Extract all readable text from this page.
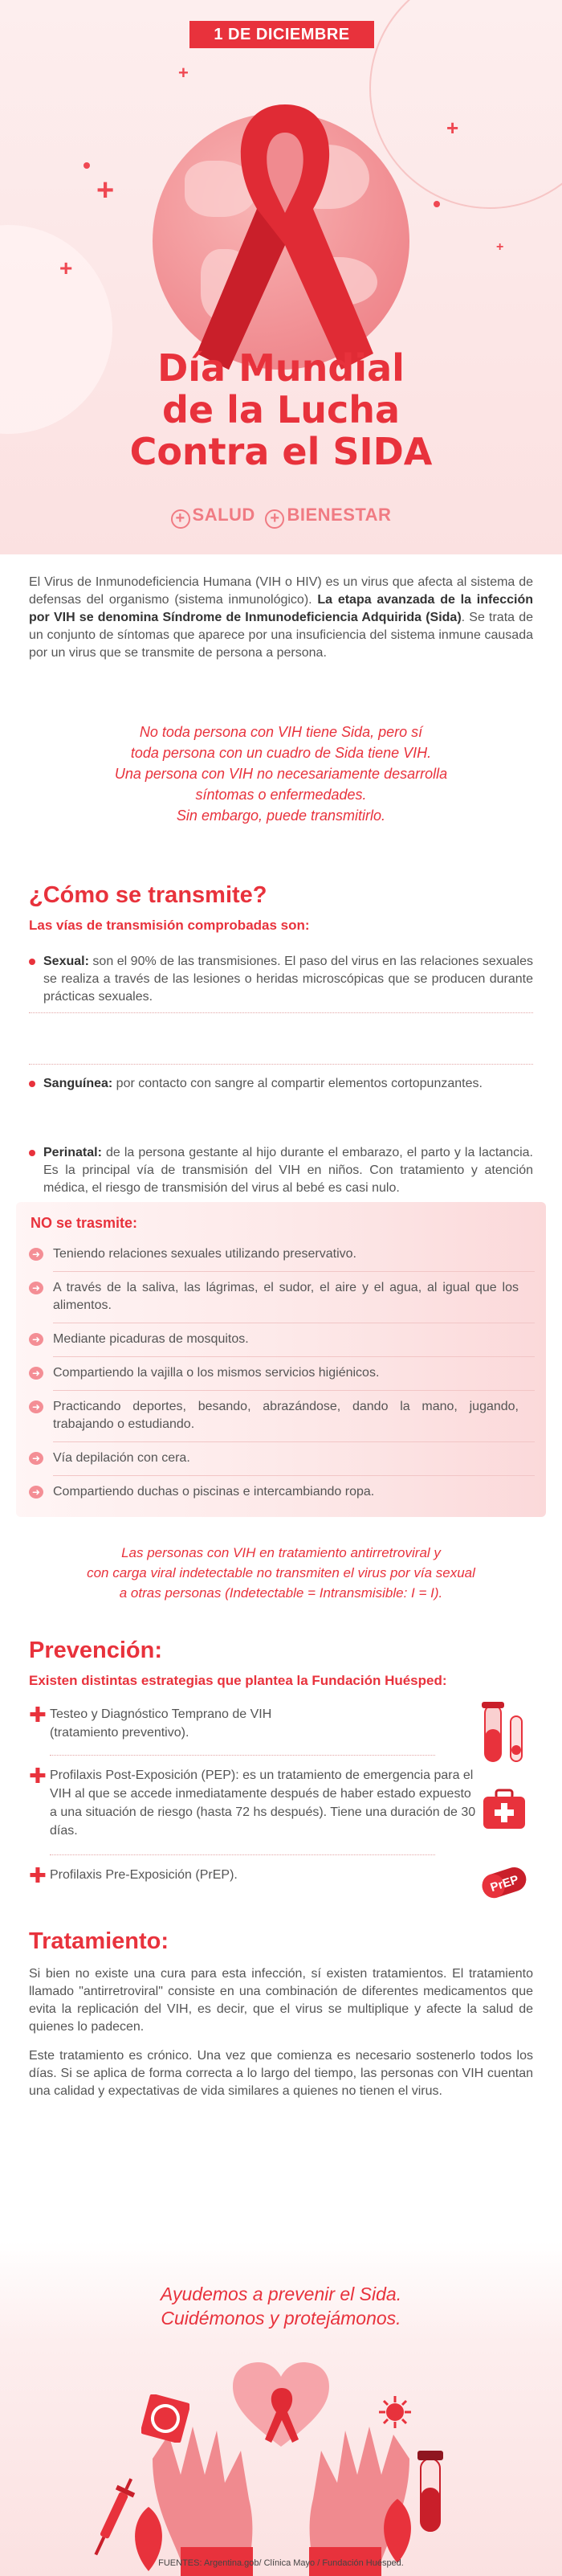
1 DE DICIEMBRE
+
+
+
+
+
Día Mundial
de la Lucha
Contra el SIDA
+ SALUD + BIENESTAR
El Virus de Inmunodeficiencia Humana (VIH o HIV) es un virus que afecta al sistema de defensas del organismo (sistema inmunológico). La etapa avanzada de la infección por VIH se denomina Síndrome de Inmunodeficiencia Adquirida (Sida). Se trata de un conjunto de síntomas que aparece por una insuficiencia del sistema inmune causada por un virus que se transmite de persona a persona.
No toda persona con VIH tiene Sida, pero sí
toda persona con un cuadro de Sida tiene VIH.
Una persona con VIH no necesariamente desarrolla
síntomas o enfermedades.
Sin embargo, puede transmitirlo.
¿Cómo se transmite?
Las vías de transmisión comprobadas son:
Sexual: son el 90% de las transmisiones. El paso del virus en las relaciones sexuales se realiza a través de las lesiones o heridas microscópicas que se producen durante prácticas sexuales.
Sanguínea: por contacto con sangre al compartir elementos cortopunzantes.
Perinatal: de la persona gestante al hijo durante el embarazo, el parto y la lactancia. Es la principal vía de transmisión del VIH en niños. Con tratamiento y atención médica, el riesgo de transmisión del virus al bebé es casi nulo.
NO se trasmite:
➜ Teniendo relaciones sexuales utilizando preservativo.
➜ A través de la saliva, las lágrimas, el sudor, el aire y el agua, al igual que los alimentos.
➜ Mediante picaduras de mosquitos.
➜ Compartiendo la vajilla o los mismos servicios higiénicos.
➜ Practicando deportes, besando, abrazándose, dando la mano, jugando, trabajando o estudiando.
➜ Vía depilación con cera.
➜ Compartiendo duchas o piscinas e intercambiando ropa.
Las personas con VIH en tratamiento antirretroviral y
con carga viral indetectable no transmiten el virus por vía sexual
a otras personas (Indetectable = Intransmisible: I = I).
Prevención:
Existen distintas estrategias que plantea la Fundación Huésped:
✚ Testeo y Diagnóstico Temprano de VIH (tratamiento preventivo).
✚ Profilaxis Post-Exposición (PEP): es un tratamiento de emergencia para el VIH al que se accede inmediatamente después de haber estado expuesto a una situación de riesgo (hasta 72 hs después). Tiene una duración de 30 días.
✚ Profilaxis Pre-Exposición (PrEP).	PrEP
Tratamiento:
Si bien no existe una cura para esta infección, sí existen tratamientos. El tratamiento llamado "antirretroviral" consiste en una combinación de diferentes medicamentos que evita la replicación del VIH, es decir, que el virus se multiplique y afecte la salud de quienes lo padecen.
Este tratamiento es crónico. Una vez que comienza es necesario sostenerlo todos los días. Si se aplica de forma correcta a lo largo del tiempo, las personas con VIH cuentan una calidad y expectativas de vida similares a quienes no tienen el virus.
Ayudemos a prevenir el Sida.
Cuidémonos y protejámonos.
FUENTES: Argentina.gob/ Clínica Mayo / Fundación Huésped.
